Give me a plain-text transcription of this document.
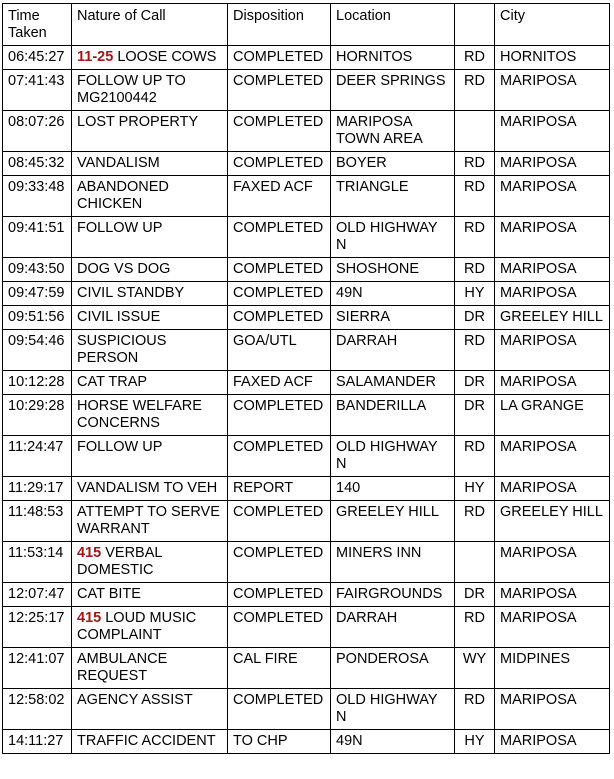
Time Taken	Nature of Call	Disposition	Location		City
06:45:27	11-25 LOOSE COWS	COMPLETED	HORNITOS	RD	HORNITOS
07:41:43	FOLLOW UP TO MG2100442	COMPLETED	DEER SPRINGS	RD	MARIPOSA
08:07:26	LOST PROPERTY	COMPLETED	MARIPOSA TOWN AREA		MARIPOSA
08:45:32	VANDALISM	COMPLETED	BOYER	RD	MARIPOSA
09:33:48	ABANDONED CHICKEN	FAXED ACF	TRIANGLE	RD	MARIPOSA
09:41:51	FOLLOW UP	COMPLETED	OLD HIGHWAY N	RD	MARIPOSA
09:43:50	DOG VS DOG	COMPLETED	SHOSHONE	RD	MARIPOSA
09:47:59	CIVIL STANDBY	COMPLETED	49N	HY	MARIPOSA
09:51:56	CIVIL ISSUE	COMPLETED	SIERRA	DR	GREELEY HILL
09:54:46	SUSPICIOUS PERSON	GOA/UTL	DARRAH	RD	MARIPOSA
10:12:28	CAT TRAP	FAXED ACF	SALAMANDER	DR	MARIPOSA
10:29:28	HORSE WELFARE CONCERNS	COMPLETED	BANDERILLA	DR	LA GRANGE
11:24:47	FOLLOW UP	COMPLETED	OLD HIGHWAY N	RD	MARIPOSA
11:29:17	VANDALISM TO VEH	REPORT	140	HY	MARIPOSA
11:48:53	ATTEMPT TO SERVE WARRANT	COMPLETED	GREELEY HILL	RD	GREELEY HILL
11:53:14	415 VERBAL DOMESTIC	COMPLETED	MINERS INN		MARIPOSA
12:07:47	CAT BITE	COMPLETED	FAIRGROUNDS	DR	MARIPOSA
12:25:17	415 LOUD MUSIC COMPLAINT	COMPLETED	DARRAH	RD	MARIPOSA
12:41:07	AMBULANCE REQUEST	CAL FIRE	PONDEROSA	WY	MIDPINES
12:58:02	AGENCY ASSIST	COMPLETED	OLD HIGHWAY N	RD	MARIPOSA
14:11:27	TRAFFIC ACCIDENT	TO CHP	49N	HY	MARIPOSA
